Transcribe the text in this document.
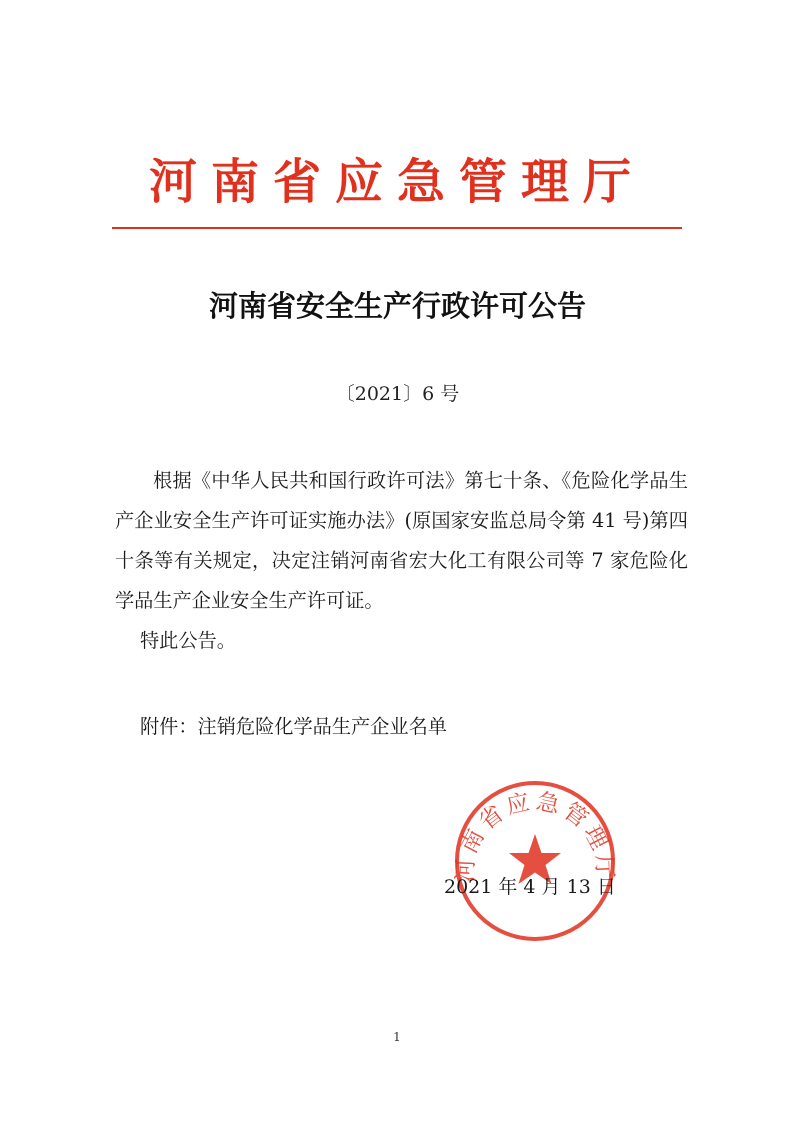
河南省应急管理厅
河南省安全生产行政许可公告
〔2021〕6 号

根据《中华人民共和国行政许可法》第七十条、《危险化学品生产企业安全生产许可证实施办法》(原国家安监总局令第 41 号)第四十条等有关规定，决定注销河南省宏大化工有限公司等 7 家危险化学品生产企业安全生产许可证。

特此公告。

附件：注销危险化学品生产企业名单
河南省应急管理厅
2021 年 4 月 13 日
1
